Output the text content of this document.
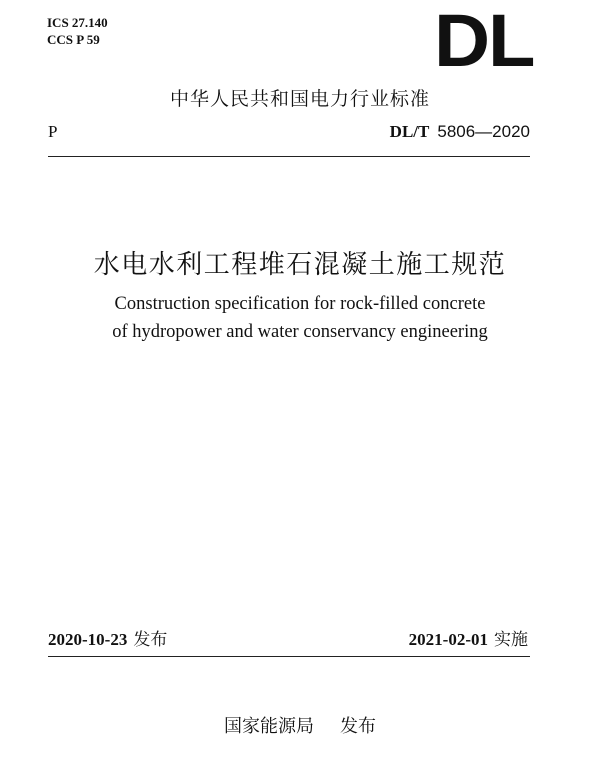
ICS 27.140
CCS P 59	DL
中华人民共和国电力行业标准
P	DL/T 5806—2020
水电水利工程堆石混凝土施工规范
Construction specification for rock-filled concrete
of hydropower and water conservancy engineering
2020-10-23 发布	2021-02-01 实施
国家能源局 发布
